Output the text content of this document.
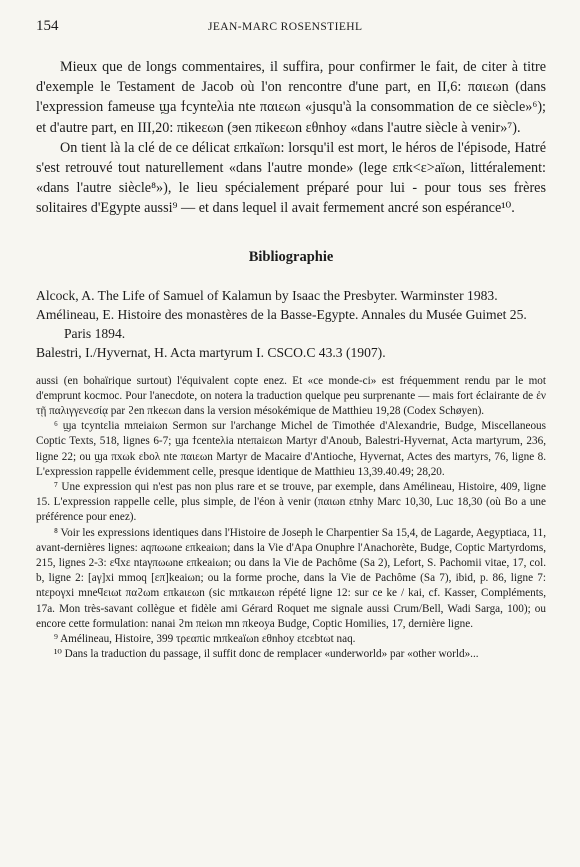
154	JEAN-MARC ROSENSTIEHL

Mieux que de longs commentaires, il suffira, pour confirmer le fait, de citer à titre d'exemple le Testament de Jacob où l'on rencontre d'une part, en II,6: παιεωn (dans l'expression fameuse ϣa ϯcynteλia nte παιεωn «jusqu'à la consommation de ce siècle»⁶); et d'autre part, en III,20: πikeεωn (ϧen πikeεωn εθnhoy «dans l'autre siècle à venir»⁷).

On tient là la clé de ce délicat επkaïωn: lorsqu'il est mort, le héros de l'épisode, Hatré s'est retrouvé tout naturellement «dans l'autre monde» (lege επk<ε>aïωn, littéralement: «dans l'autre siècle⁸»), le lieu spécialement préparé pour lui - pour tous ses frères solitaires d'Egypte aussi⁹ — et dans lequel il avait fermement ancré son espérance¹⁰.

Bibliographie
Alcock, A. The Life of Samuel of Kalamun by Isaac the Presbyter. Warminster 1983.
Amélineau, E. Histoire des monastères de la Basse-Egypte. Annales du Musée Guimet 25. Paris 1894.
Balestri, I./Hyvernat, H. Acta martyrum I. CSCO.C 43.3 (1907).
aussi (en bohaïrique surtout) l'équivalent copte enez. Et «ce monde-ci» est fréquemment rendu par le mot d'emprunt kocmoc. Pour l'anecdote, on notera la traduction quelque peu surprenante — mais fort éclairante de ἐν τῇ παλιγγενεσίᾳ par ϩen πkeεωn dans la version mésokémique de Matthieu 19,28 (Codex Schøyen).
⁶ ϣa tcyntεlia mπeiaiωn Sermon sur l'archange Michel de Timothée d'Alexandrie, Budge, Miscellaneous Coptic Texts, 518, lignes 6-7; ϣa ϯcenteλia nteπaiεωn Martyr d'Anoub, Balestri-Hyvernat, Acta martyrum, 236, ligne 22; ou ϣa πxωk εboλ nte παιεωn Martyr de Macaire d'Antioche, Hyvernat, Actes des martyrs, 76, ligne 8. L'expression rappelle évidemment celle, presque identique de Matthieu 13,39.40.49; 28,20.
⁷ Une expression qui n'est pas non plus rare et se trouve, par exemple, dans Amélineau, Histoire, 409, ligne 15. L'expression rappelle celle, plus simple, de l'éon à venir (παιωn εtnhy Marc 10,30, Luc 18,30 (où Bo a une préférence pour enez).
⁸ Voir les expressions identiques dans l'Histoire de Joseph le Charpentier Sa 15,4, de Lagarde, Aegyptiaca, 11, avant-dernières lignes: aqπωωne επkeaiωn; dans la Vie d'Apa Onuphre l'Anachorète, Budge, Coptic Martyrdoms, 215, lignes 2-3: εϥxε ntaγπωωne επkeaiωn; ou dans la Vie de Pachôme (Sa 2), Lefort, S. Pachomii vitae, 17, col. b, ligne 2: [aγ]xi mmoq [επ]keaiωn; ou la forme proche, dans la Vie de Pachôme (Sa 7), ibid, p. 86, ligne 7: ntεpoγxi mneϥειωt παϩωm επkaιεωn (sic mπkaιεωn répété ligne 12: sur ce ke / kai, cf. Kasser, Compléments, 17a. Mon très-savant collègue et fidèle ami Gérard Roquet me signale aussi Crum/Bell, Wadi Sarga, 100); ou encore cette formulation: nanai ϩm πeiωn mn πkeoya Budge, Coptic Homilies, 17, dernière ligne.
⁹ Amélineau, Histoire, 399 τρεαπic mπkeaïωn εθnhoy εtcεbtωt naq.
¹⁰ Dans la traduction du passage, il suffit donc de remplacer «underworld» par «other world»...
